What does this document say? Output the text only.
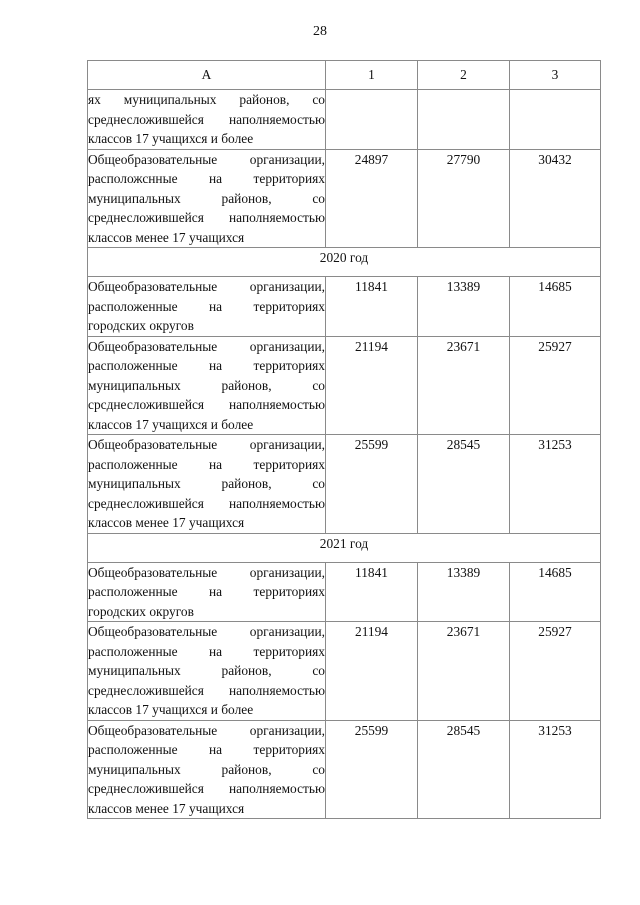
28
А	1	2	3
ях муниципальных районов, со среднесложившейся наполняемостью классов 17 учащихся и более			
Общеобразовательные организации, расположснные на территориях муниципальных районов, со среднесложившейся наполняемостью классов менее 17 учащихся	24897	27790	30432
2020 год			
Общеобразовательные организации, расположенные на территориях городских округов	11841	13389	14685
Общеобразовательные организации, расположенные на территориях муниципальных районов, со срсднесложившейся наполняемостью классов 17 учащихся и более	21194	23671	25927
Общеобразовательные организации, расположенные на территориях муниципальных районов, со среднесложившейся наполняемостью классов менее 17 учащихся	25599	28545	31253
2021 год			
Общеобразовательные организации, расположенные на территориях городских округов	11841	13389	14685
Общеобразовательные организации, расположенные на территориях муниципальных районов, со среднесложившейся наполняемостью классов 17 учащихся и более	21194	23671	25927
Общеобразовательные организации, расположенные на территориях муниципальных районов, со среднесложившейся наполняемостью классов менее 17 учащихся	25599	28545	31253
